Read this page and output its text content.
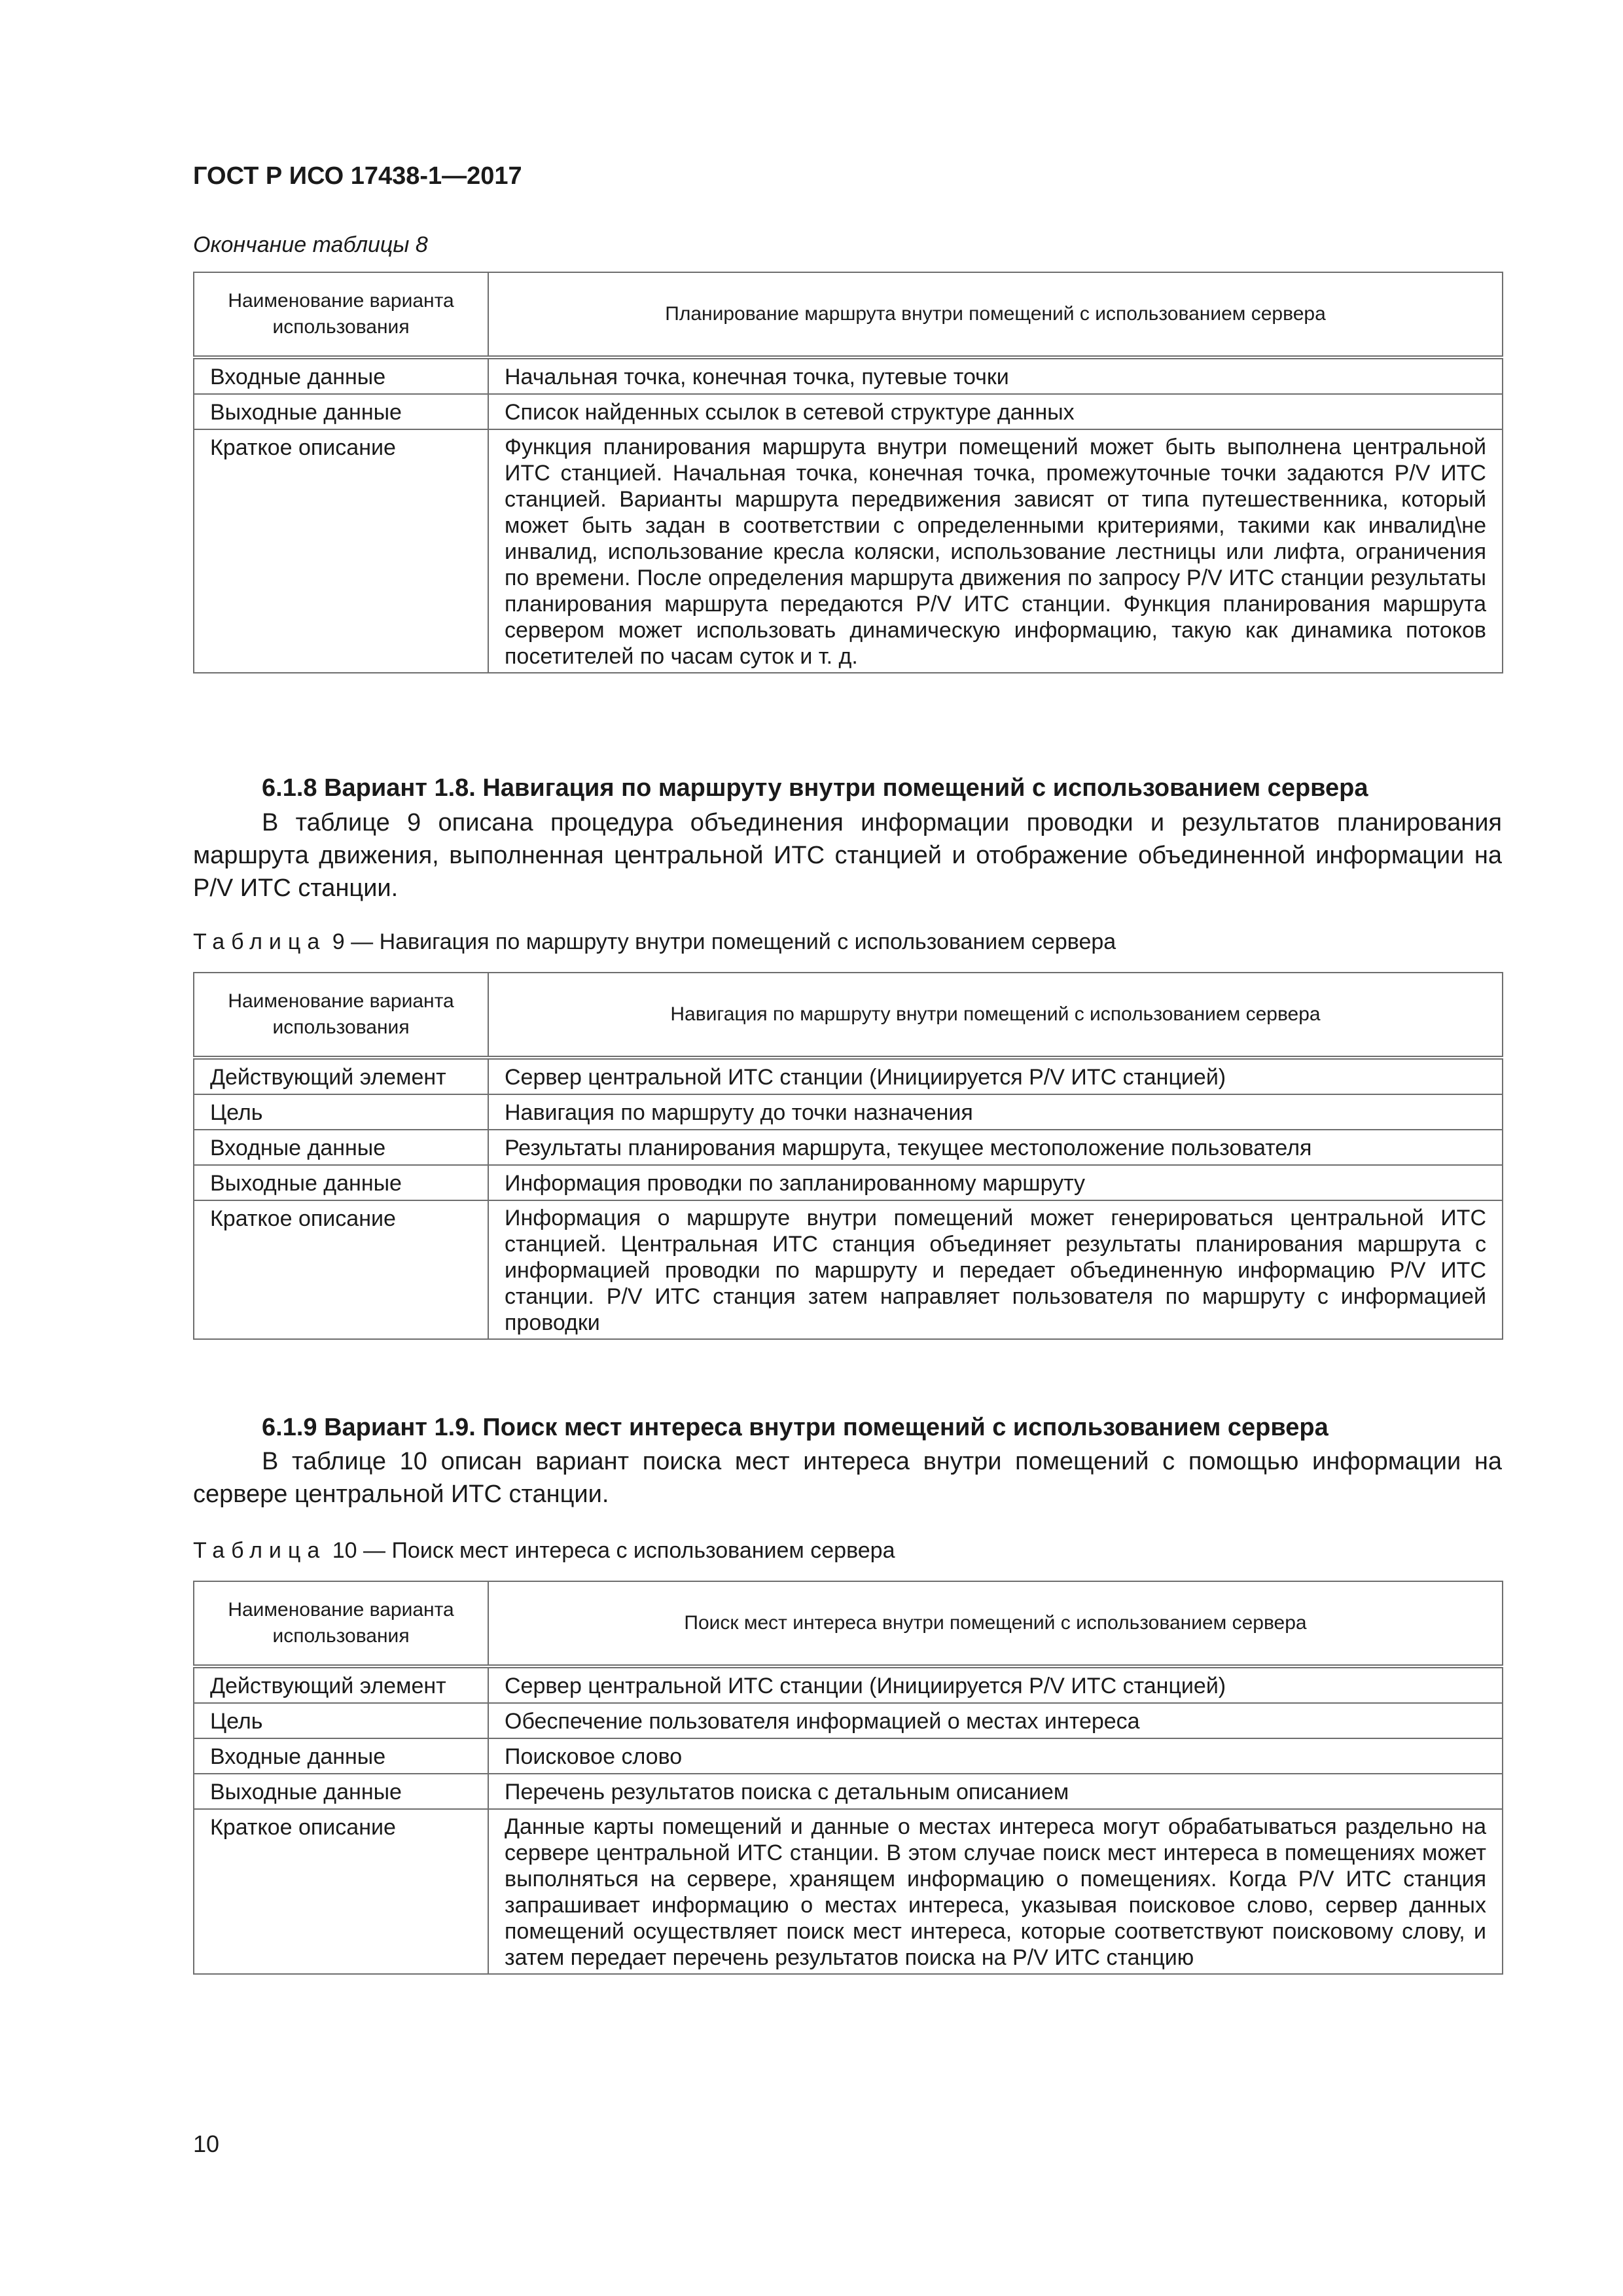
ГОСТ Р ИСО 17438-1—2017
Окончание таблицы 8
Наименование варианта использования	Планирование маршрута внутри помещений с использованием сервера
Входные данные	Начальная точка, конечная точка, путевые точки
Выходные данные	Список найденных ссылок в сетевой структуре данных
Краткое описание	Функция планирования маршрута внутри помещений может быть выполнена центральной ИТС станцией. Начальная точка, конечная точка, промежуточные точки задаются P/V ИТС станцией. Варианты маршрута передвижения зависят от типа путешественника, который может быть задан в соответствии с определенными критериями, такими как инвалид\не инвалид, использование кресла коляски, использование лестницы или лифта, ограничения по времени. После определения маршрута движения по запросу P/V ИТС станции результаты планирования маршрута передаются P/V ИТС станции. Функция планирования маршрута сервером может использовать динамическую информацию, такую как динамика потоков посетителей по часам суток и т. д.
6.1.8 Вариант 1.8. Навигация по маршруту внутри помещений с использованием сервера
В таблице 9 описана процедура объединения информации проводки и результатов планирования маршрута движения, выполненная центральной ИТС станцией и отображение объединенной информации на P/V ИТС станции.
Таблица 9 — Навигация по маршруту внутри помещений с использованием сервера
Наименование варианта использования	Навигация по маршруту внутри помещений с использованием сервера
Действующий элемент	Сервер центральной ИТС станции (Инициируется P/V ИТС станцией)
Цель	Навигация по маршруту до точки назначения
Входные данные	Результаты планирования маршрута, текущее местоположение пользователя
Выходные данные	Информация проводки по запланированному маршруту
Краткое описание	Информация о маршруте внутри помещений может генерироваться центральной ИТС станцией. Центральная ИТС станция объединяет результаты планирования маршрута с информацией проводки по маршруту и передает объединенную информацию P/V ИТС станции. P/V ИТС станция затем направляет пользователя по маршруту с информацией проводки
6.1.9 Вариант 1.9. Поиск мест интереса внутри помещений с использованием сервера
В таблице 10 описан вариант поиска мест интереса внутри помещений с помощью информации на сервере центральной ИТС станции.
Таблица 10 — Поиск мест интереса с использованием сервера
Наименование варианта использования	Поиск мест интереса внутри помещений с использованием сервера
Действующий элемент	Сервер центральной ИТС станции (Инициируется P/V ИТС станцией)
Цель	Обеспечение пользователя информацией о местах интереса
Входные данные	Поисковое слово
Выходные данные	Перечень результатов поиска с детальным описанием
Краткое описание	Данные карты помещений и данные о местах интереса могут обрабатываться раздельно на сервере центральной ИТС станции. В этом случае поиск мест интереса в помещениях может выполняться на сервере, хранящем информацию о помещениях. Когда P/V ИТС станция запрашивает информацию о местах интереса, указывая поисковое слово, сервер данных помещений осуществляет поиск мест интереса, которые соответствуют поисковому слову, и затем передает перечень результатов поиска на P/V ИТС станцию
10
